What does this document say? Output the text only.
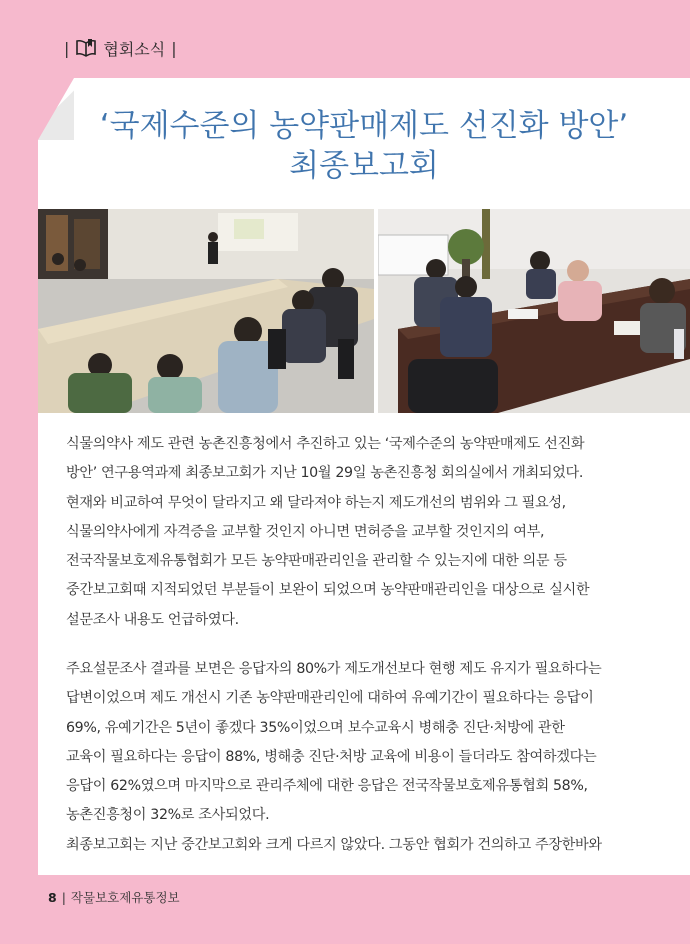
| 협회소식 |
‘국제수준의 농약판매제도 선진화 방안’
최종보고회
식물의약사 제도 관련 농촌진흥청에서 추진하고 있는 ‘국제수준의 농약판매제도 선진화
방안’ 연구용역과제 최종보고회가 지난 10월 29일 농촌진흥청 회의실에서 개최되었다.
현재와 비교하여 무엇이 달라지고 왜 달라져야 하는지 제도개선의 범위와 그 필요성,
식물의약사에게 자격증을 교부할 것인지 아니면 면허증을 교부할 것인지의 여부,
전국작물보호제유통협회가 모든 농약판매관리인을 관리할 수 있는지에 대한 의문 등
중간보고회때 지적되었던 부분들이 보완이 되었으며 농약판매관리인을 대상으로 실시한
설문조사 내용도 언급하였다.
주요설문조사 결과를 보면은 응답자의 80%가 제도개선보다 현행 제도 유지가 필요하다는
답변이었으며 제도 개선시 기존 농약판매관리인에 대하여 유예기간이 필요하다는 응답이
69%, 유예기간은 5년이 좋겠다 35%이었으며 보수교육시 병해충 진단·처방에 관한
교육이 필요하다는 응답이 88%, 병해충 진단·처방 교육에 비용이 들더라도 참여하겠다는
응답이 62%였으며 마지막으로 관리주체에 대한 응답은 전국작물보호제유통협회 58%,
농촌진흥청이 32%로 조사되었다.
최종보고회는 지난 중간보고회와 크게 다르지 않았다. 그동안 협회가 건의하고 주장한바와
8 | 작물보호제유통정보
